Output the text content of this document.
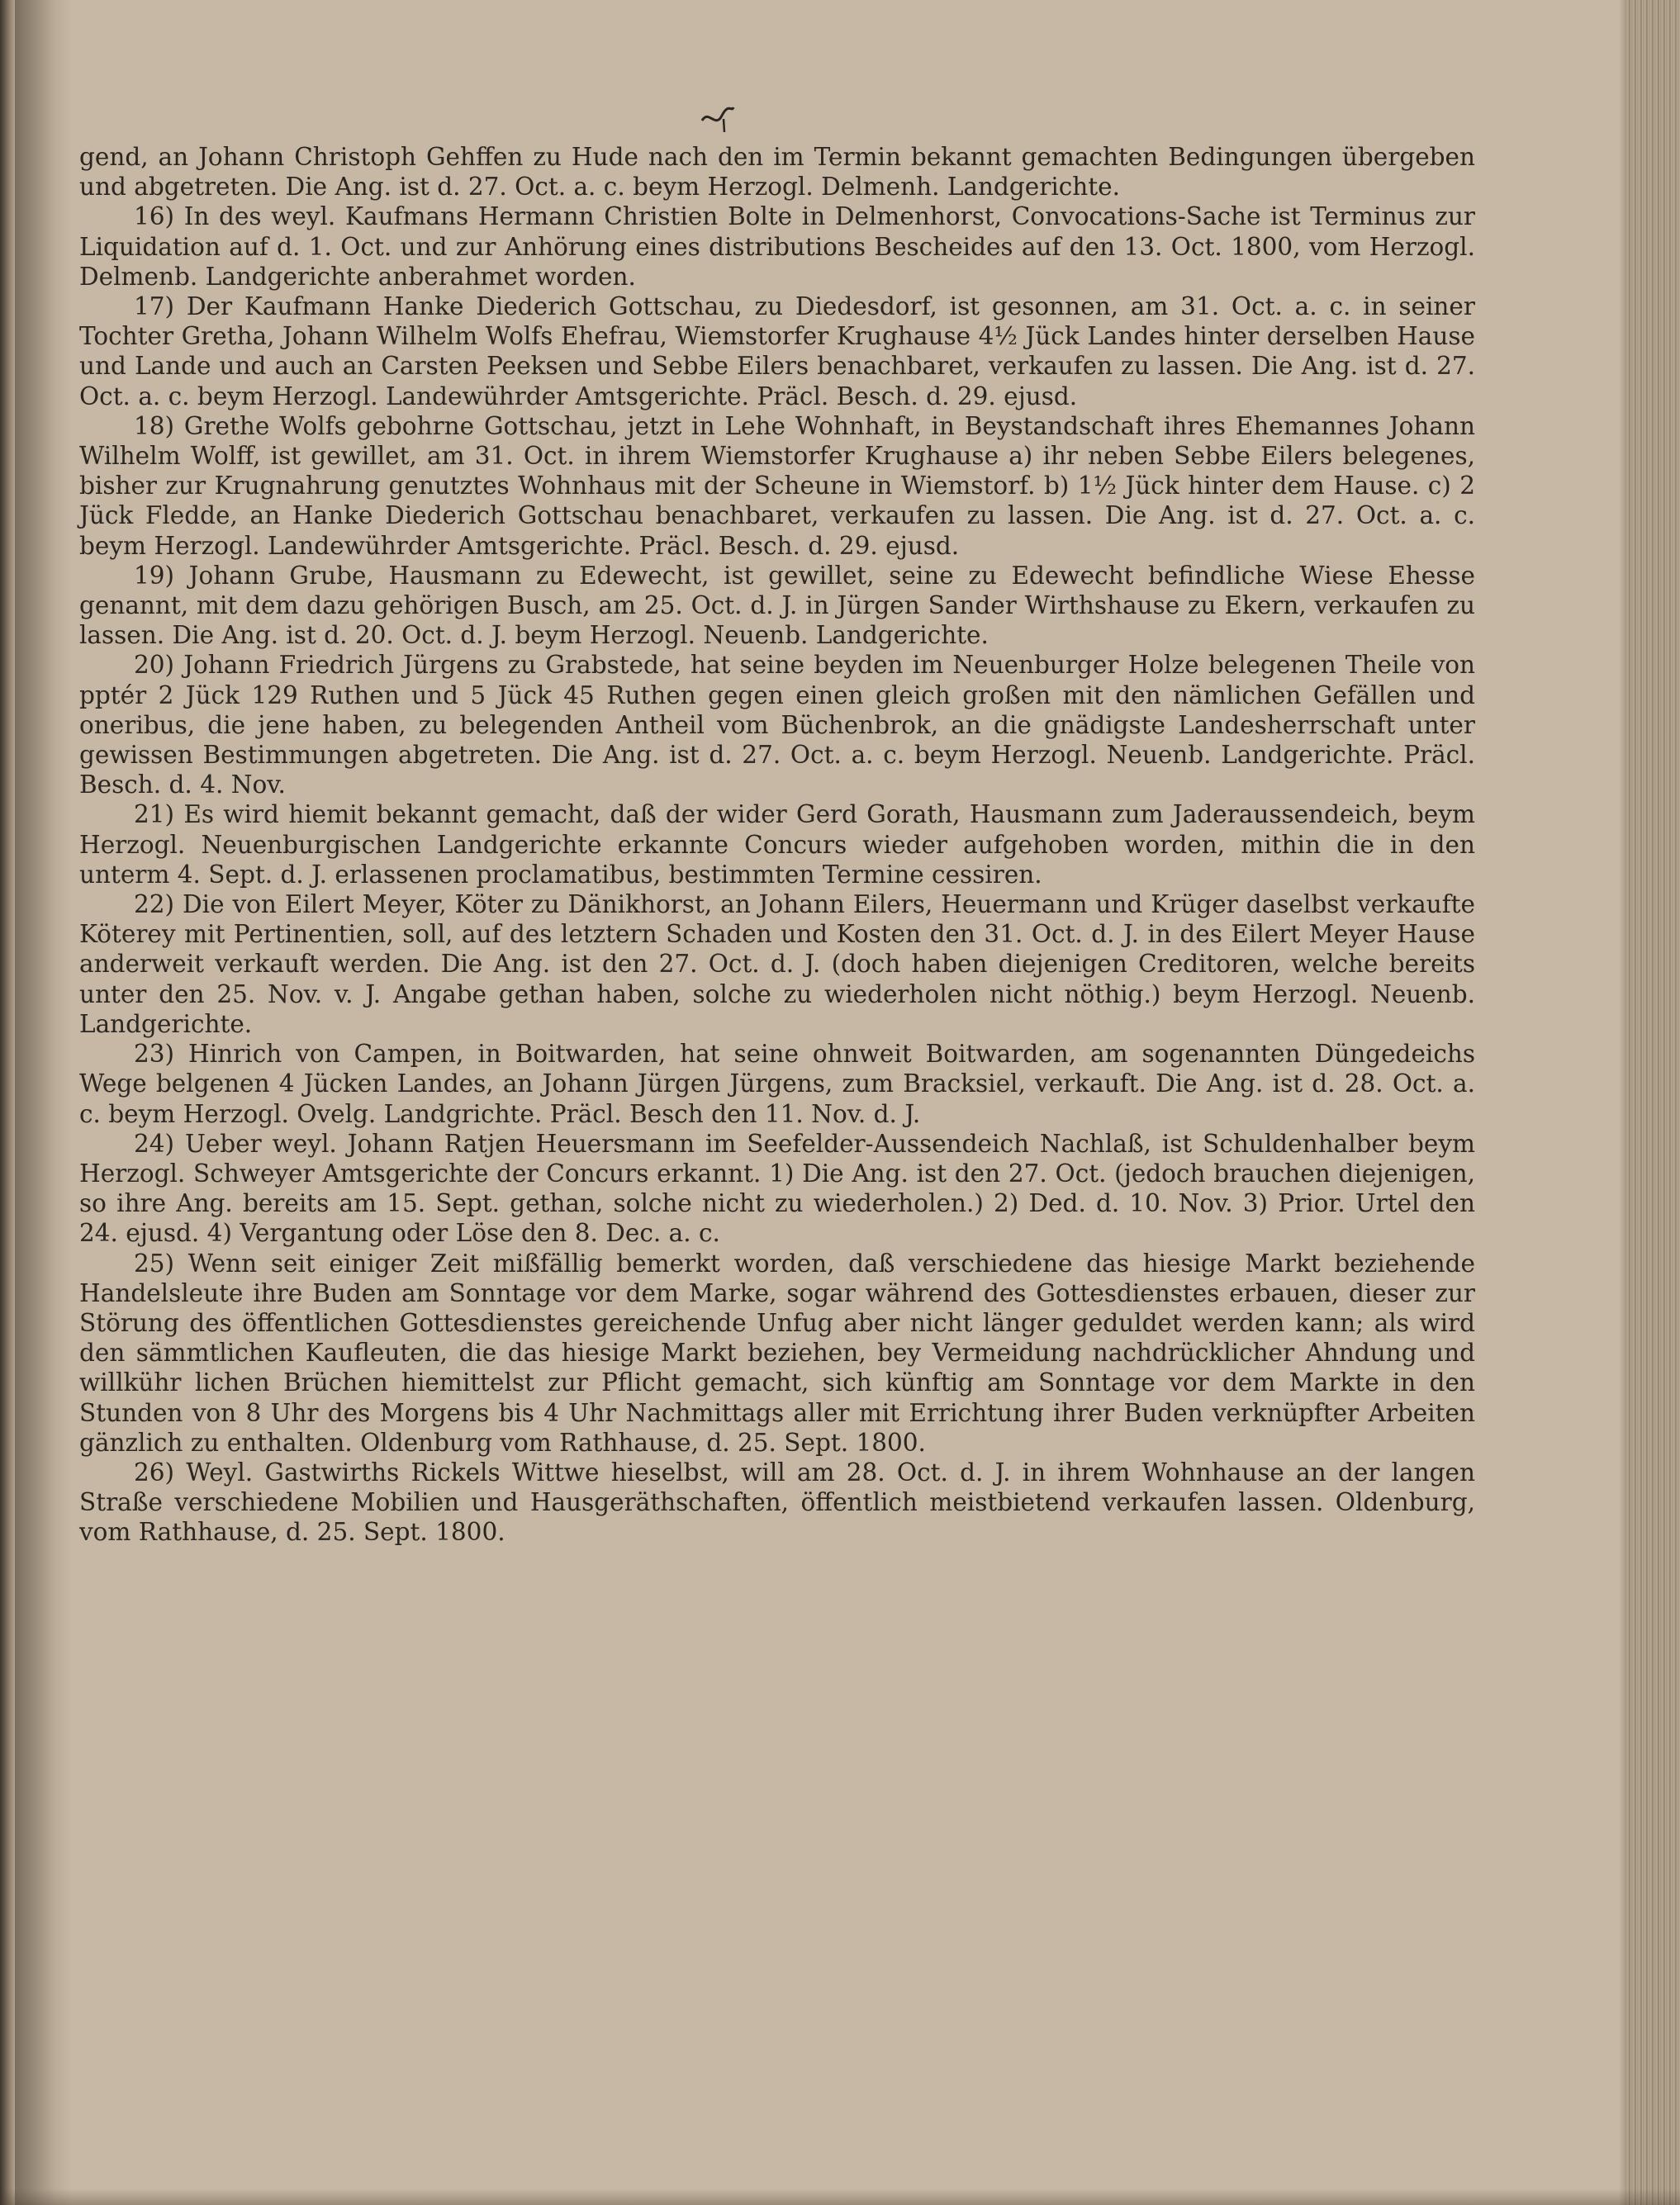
gend, an Johann Christoph Gehffen zu Hude nach den im Termin bekannt gemachten Bedingungen übergeben und abgetreten. Die Ang. ist d. 27. Oct. a. c. beym Herzogl. Delmenh. Landgerichte.

16) In des weyl. Kaufmans Hermann Christien Bolte in Delmenhorst, Convocations-Sache ist Terminus zur Liquidation auf d. 1. Oct. und zur Anhörung eines distributions Bescheides auf den 13. Oct. 1800, vom Herzogl. Delmenb. Landgerichte anberahmet worden.

17) Der Kaufmann Hanke Diederich Gottschau, zu Diedesdorf, ist gesonnen, am 31. Oct. a. c. in seiner Tochter Gretha, Johann Wilhelm Wolfs Ehefrau, Wiemstorfer Krughause 4½ Jück Landes hinter derselben Hause und Lande und auch an Carsten Peeksen und Sebbe Eilers benachbaret, verkaufen zu lassen. Die Ang. ist d. 27. Oct. a. c. beym Herzogl. Landewührder Amtsgerichte. Präcl. Besch. d. 29. ejusd.

18) Grethe Wolfs gebohrne Gottschau, jetzt in Lehe Wohnhaft, in Beystandschaft ihres Ehemannes Johann Wilhelm Wolff, ist gewillet, am 31. Oct. in ihrem Wiemstorfer Krughause a) ihr neben Sebbe Eilers belegenes, bisher zur Krugnahrung genutztes Wohnhaus mit der Scheune in Wiemstorf. b) 1½ Jück hinter dem Hause. c) 2 Jück Fledde, an Hanke Diederich Gottschau benachbaret, verkaufen zu lassen. Die Ang. ist d. 27. Oct. a. c. beym Herzogl. Landewührder Amtsgerichte. Präcl. Besch. d. 29. ejusd.

19) Johann Grube, Hausmann zu Edewecht, ist gewillet, seine zu Edewecht befindliche Wiese Ehesse genannt, mit dem dazu gehörigen Busch, am 25. Oct. d. J. in Jürgen Sander Wirthshause zu Ekern, verkaufen zu lassen. Die Ang. ist d. 20. Oct. d. J. beym Herzogl. Neuenb. Landgerichte.

20) Johann Friedrich Jürgens zu Grabstede, hat seine beyden im Neuenburger Holze belegenen Theile von pptér 2 Jück 129 Ruthen und 5 Jück 45 Ruthen gegen einen gleich großen mit den nämlichen Gefällen und oneribus, die jene haben, zu belegenden Antheil vom Büchenbrok, an die gnädigste Landesherrschaft unter gewissen Bestimmungen abgetreten. Die Ang. ist d. 27. Oct. a. c. beym Herzogl. Neuenb. Landgerichte. Präcl. Besch. d. 4. Nov.

21) Es wird hiemit bekannt gemacht, daß der wider Gerd Gorath, Hausmann zum Jaderaussendeich, beym Herzogl. Neuenburgischen Landgerichte erkannte Concurs wieder aufgehoben worden, mithin die in den unterm 4. Sept. d. J. erlassenen proclamatibus, bestimmten Termine cessiren.

22) Die von Eilert Meyer, Köter zu Dänikhorst, an Johann Eilers, Heuermann und Krüger daselbst verkaufte Köterey mit Pertinentien, soll, auf des letztern Schaden und Kosten den 31. Oct. d. J. in des Eilert Meyer Hause anderweit verkauft werden. Die Ang. ist den 27. Oct. d. J. (doch haben diejenigen Creditoren, welche bereits unter den 25. Nov. v. J. Angabe gethan haben, solche zu wiederholen nicht nöthig.) beym Herzogl. Neuenb. Landgerichte.

23) Hinrich von Campen, in Boitwarden, hat seine ohnweit Boitwarden, am sogenannten Düngedeichs Wege belgenen 4 Jücken Landes, an Johann Jürgen Jürgens, zum Bracksiel, verkauft. Die Ang. ist d. 28. Oct. a. c. beym Herzogl. Ovelg. Landgrichte. Präcl. Besch den 11. Nov. d. J.

24) Ueber weyl. Johann Ratjen Heuersmann im Seefelder-Aussendeich Nachlaß, ist Schuldenhalber beym Herzogl. Schweyer Amtsgerichte der Concurs erkannt. 1) Die Ang. ist den 27. Oct. (jedoch brauchen diejenigen, so ihre Ang. bereits am 15. Sept. gethan, solche nicht zu wiederholen.) 2) Ded. d. 10. Nov. 3) Prior. Urtel den 24. ejusd. 4) Vergantung oder Löse den 8. Dec. a. c.

25) Wenn seit einiger Zeit mißfällig bemerkt worden, daß verschiedene das hiesige Markt beziehende Handelsleute ihre Buden am Sonntage vor dem Marke, sogar während des Gottesdienstes erbauen, dieser zur Störung des öffentlichen Gottesdienstes gereichende Unfug aber nicht länger geduldet werden kann; als wird den sämmtlichen Kaufleuten, die das hiesige Markt beziehen, bey Vermeidung nachdrücklicher Ahndung und willkühr lichen Brüchen hiemittelst zur Pflicht gemacht, sich künftig am Sonntage vor dem Markte in den Stunden von 8 Uhr des Morgens bis 4 Uhr Nachmittags aller mit Errichtung ihrer Buden verknüpfter Arbeiten gänzlich zu enthalten. Oldenburg vom Rathhause, d. 25. Sept. 1800.

26) Weyl. Gastwirths Rickels Wittwe hieselbst, will am 28. Oct. d. J. in ihrem Wohnhause an der langen Straße verschiedene Mobilien und Hausgeräthschaften, öffentlich meistbietend verkaufen lassen. Oldenburg, vom Rathhause, d. 25. Sept. 1800.
